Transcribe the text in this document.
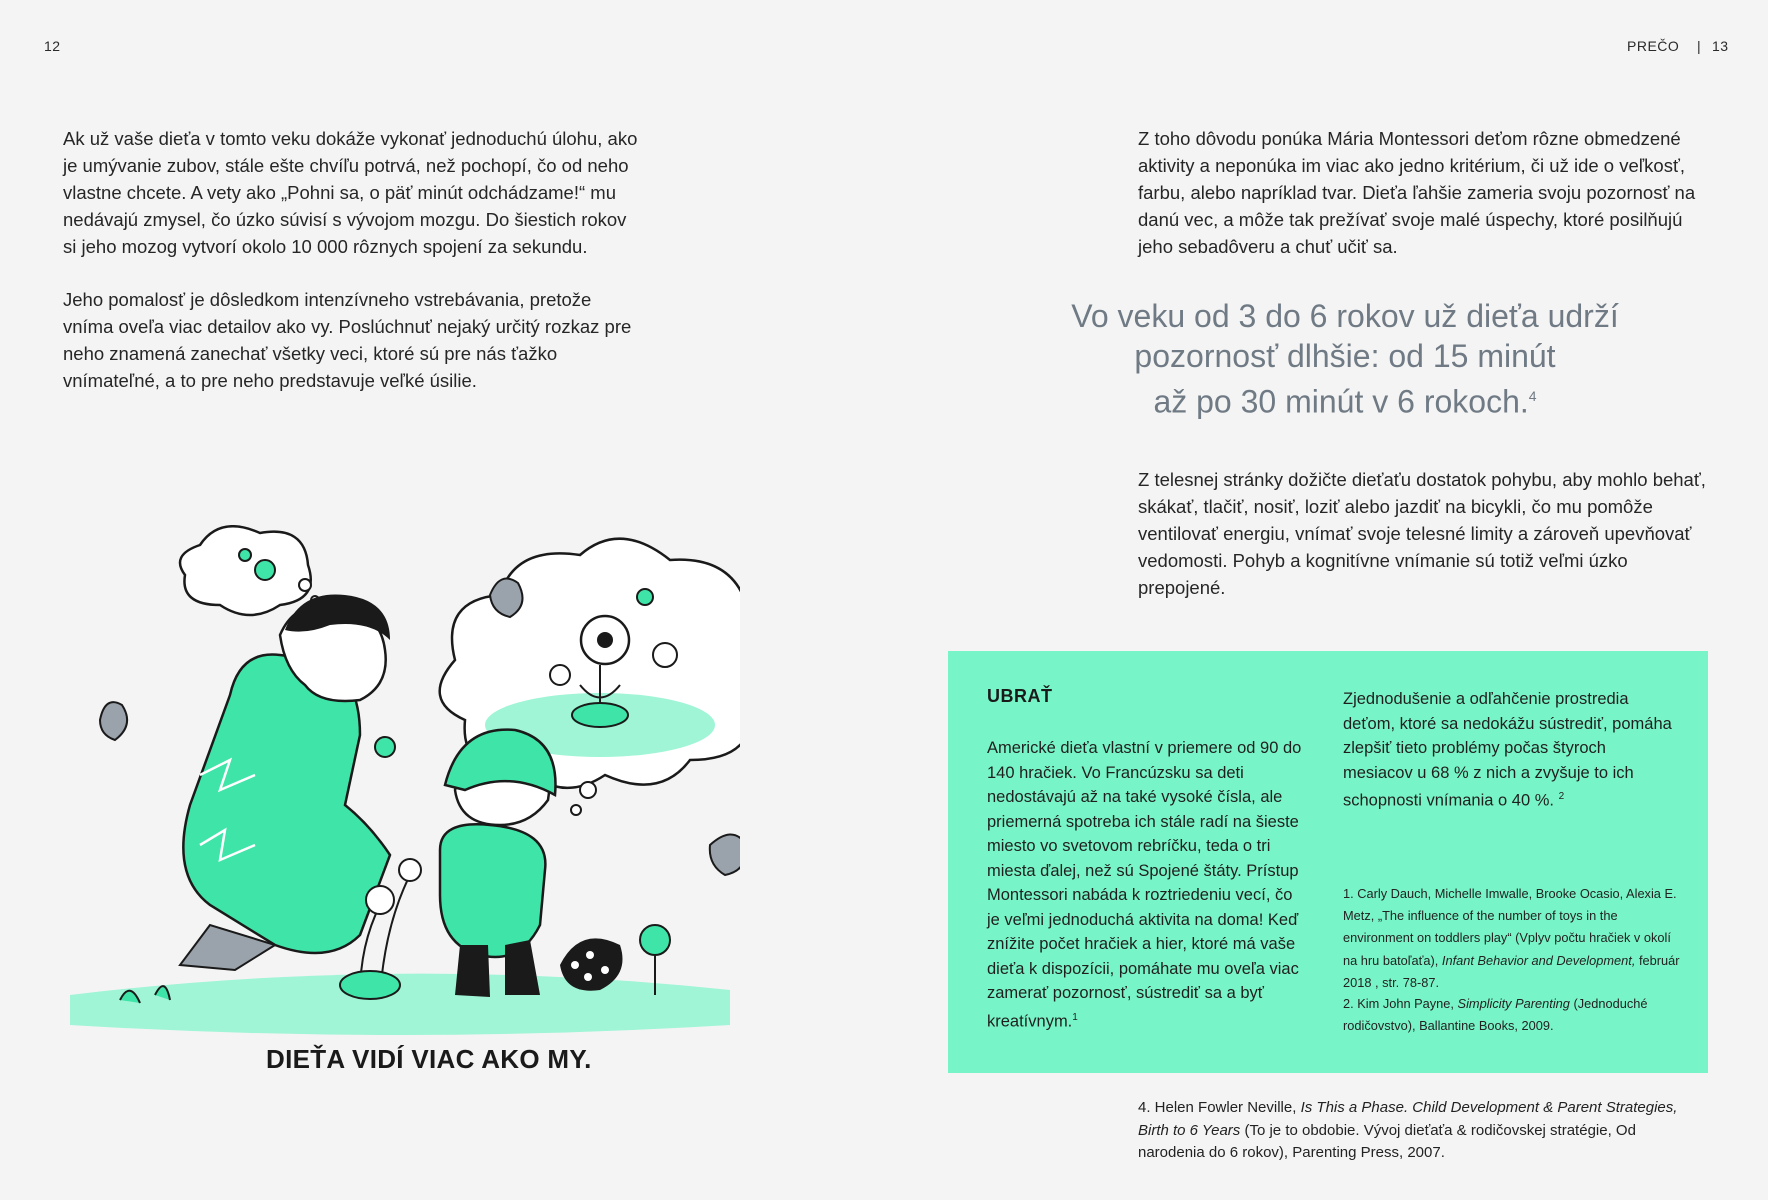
12	PREČO | 13

Ak už vaše dieťa v tomto veku dokáže vykonať jednoduchú úlohu, ako je umývanie zubov, stále ešte chvíľu potrvá, než pochopí, čo od neho vlastne chcete. A vety ako „Pohni sa, o päť minút odchádzame!“ mu nedávajú zmysel, čo úzko súvisí s vývojom mozgu. Do šiestich rokov si jeho mozog vytvorí okolo 10 000 rôznych spojení za sekundu.

Jeho pomalosť je dôsledkom intenzívneho vstrebávania, pretože vníma oveľa viac detailov ako vy. Poslúchnuť nejaký určitý rozkaz pre neho znamená zanechať všetky veci, ktoré sú pre nás ťažko vnímateľné, a to pre neho predstavuje veľké úsilie.

DIEŤA VIDÍ VIAC AKO MY.

Z toho dôvodu ponúka Mária Montessori deťom rôzne obmedzené aktivity a neponúka im viac ako jedno kritérium, či už ide o veľkosť, farbu, alebo napríklad tvar. Dieťa ľahšie zameria svoju pozornosť na danú vec, a môže tak prežívať svoje malé úspechy, ktoré posilňujú jeho sebadôveru a chuť učiť sa.

Vo veku od 3 do 6 rokov už dieťa udrží

pozornosť dlhšie: od 15 minút

až po 30 minút v 6 rokoch.$^4$

Z telesnej stránky dožičte dieťaťu dostatok pohybu, aby mohlo behať, skákať, tlačiť, nosiť, loziť alebo jazdiť na bicykli, čo mu pomôže ventilovať energiu, vnímať svoje telesné limity a zároveň upevňovať vedomosti. Pohyb a kognitívne vnímanie sú totiž veľmi úzko prepojené.

UBRAŤ

Americké dieťa vlastní v priemere od 90 do 140 hračiek. Vo Francúzsku sa deti nedostávajú až na také vysoké čísla, ale priemerná spotreba ich stále radí na šieste miesto vo svetovom rebríčku, teda o tri miesta ďalej, než sú Spojené štáty. Prístup Montessori nabáda k roztriedeniu vecí, čo je veľmi jednoduchá aktivita na doma! Keď znížite počet hračiek a hier, ktoré má vaše dieťa k dispozícii, pomáhate mu oveľa viac zamerať pozornosť, sústrediť sa a byť kreatívnym.$^1$

Zjednodušenie a odľahčenie prostredia deťom, ktoré sa nedokážu sústrediť, pomáha zlepšiť tieto problémy počas štyroch mesiacov u 68 % z nich a zvyšuje to ich schopnosti vnímania o 40 %. $^2$

1. Carly Dauch, Michelle Imwalle, Brooke Ocasio, Alexia E. Metz, „The influence of the number of toys in the environment on toddlers play“ (Vplyv počtu hračiek v okolí na hru batoľaťa), Infant Behavior and Development, február 2018 , str. 78-87.

2. Kim John Payne, Simplicity Parenting (Jednoduché rodičovstvo), Ballantine Books, 2009.

4. Helen Fowler Neville, Is This a Phase. Child Development & Parent Strategies, Birth to 6 Years (To je to obdobie. Vývoj dieťaťa & rodičovskej stratégie, Od narodenia do 6 rokov), Parenting Press, 2007.
